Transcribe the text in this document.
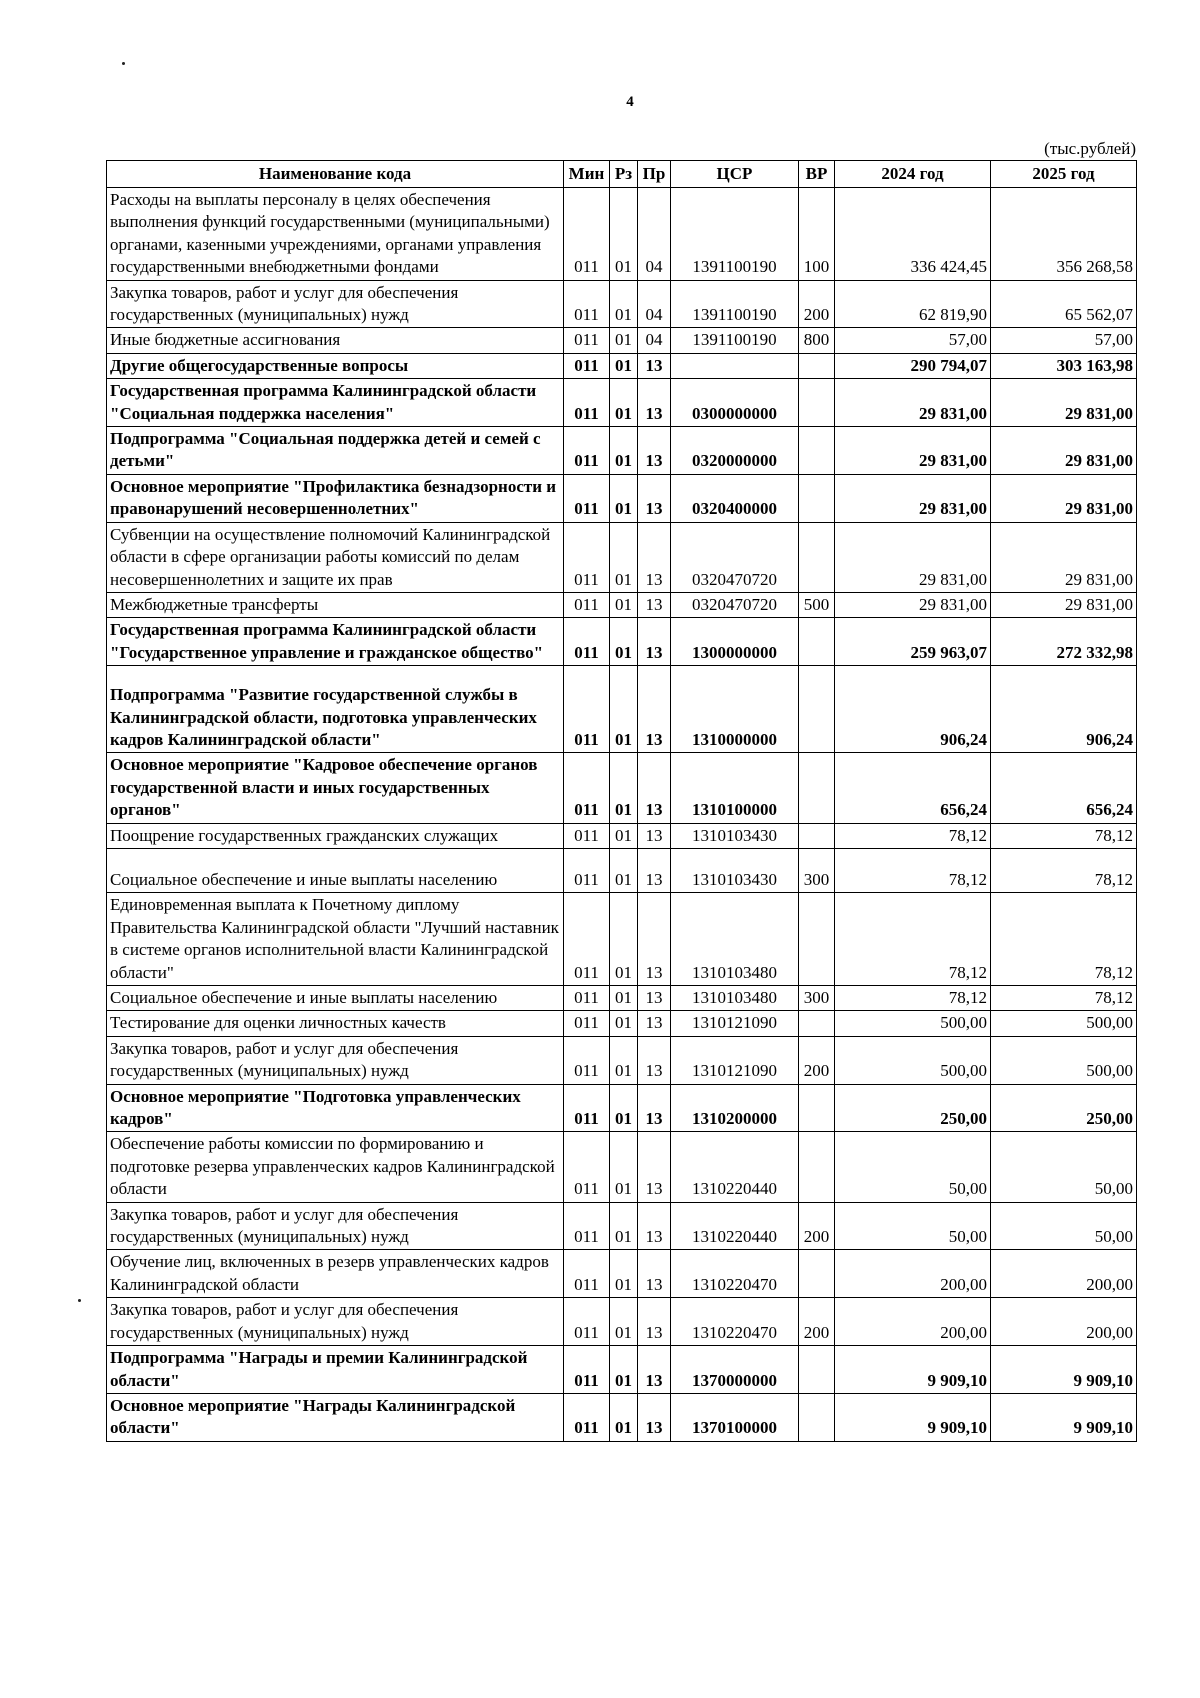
4
(тыс.рублей)
Наименование кода	Мин	Рз	Пр	ЦСР	ВР	2024 год	2025 год
Расходы на выплаты персоналу в целях обеспечения выполнения функций государственными (муниципальными) органами, казенными учреждениями, органами управления государственными внебюджетными фондами	011	01	04	1391100190	100	336 424,45	356 268,58
Закупка товаров, работ и услуг для обеспечения государственных (муниципальных) нужд	011	01	04	1391100190	200	62 819,90	65 562,07
Иные бюджетные ассигнования	011	01	04	1391100190	800	57,00	57,00
Другие общегосударственные вопросы	011	01	13			290 794,07	303 163,98
Государственная программа Калининградской области "Социальная поддержка населения"	011	01	13	0300000000		29 831,00	29 831,00
Подпрограмма "Социальная поддержка детей и семей с детьми"	011	01	13	0320000000		29 831,00	29 831,00
Основное мероприятие "Профилактика безнадзорности и правонарушений несовершеннолетних"	011	01	13	0320400000		29 831,00	29 831,00
Субвенции на осуществление полномочий Калининградской области в сфере организации работы комиссий по делам несовершеннолетних и защите их прав	011	01	13	0320470720		29 831,00	29 831,00
Межбюджетные трансферты	011	01	13	0320470720	500	29 831,00	29 831,00
Государственная программа Калининградской области "Государственное управление и гражданское общество"	011	01	13	1300000000		259 963,07	272 332,98
Подпрограмма "Развитие государственной службы в Калининградской области, подготовка управленческих кадров Калининградской области"	011	01	13	1310000000		906,24	906,24
Основное мероприятие "Кадровое обеспечение органов государственной власти и иных государственных органов"	011	01	13	1310100000		656,24	656,24
Поощрение государственных гражданских служащих	011	01	13	1310103430		78,12	78,12
Социальное обеспечение и иные выплаты населению	011	01	13	1310103430	300	78,12	78,12
Единовременная выплата к Почетному диплому Правительства Калининградской области "Лучший наставник в системе органов исполнительной власти Калининградской области"	011	01	13	1310103480		78,12	78,12
Социальное обеспечение и иные выплаты населению	011	01	13	1310103480	300	78,12	78,12
Тестирование для оценки личностных качеств	011	01	13	1310121090		500,00	500,00
Закупка товаров, работ и услуг для обеспечения государственных (муниципальных) нужд	011	01	13	1310121090	200	500,00	500,00
Основное мероприятие "Подготовка управленческих кадров"	011	01	13	1310200000		250,00	250,00
Обеспечение работы комиссии по формированию и подготовке резерва управленческих кадров Калининградской области	011	01	13	1310220440		50,00	50,00
Закупка товаров, работ и услуг для обеспечения государственных (муниципальных) нужд	011	01	13	1310220440	200	50,00	50,00
Обучение лиц, включенных в резерв управленческих кадров Калининградской области	011	01	13	1310220470		200,00	200,00
Закупка товаров, работ и услуг для обеспечения государственных (муниципальных) нужд	011	01	13	1310220470	200	200,00	200,00
Подпрограмма "Награды и премии Калининградской области"	011	01	13	1370000000		9 909,10	9 909,10
Основное мероприятие "Награды Калининградской области"	011	01	13	1370100000		9 909,10	9 909,10
